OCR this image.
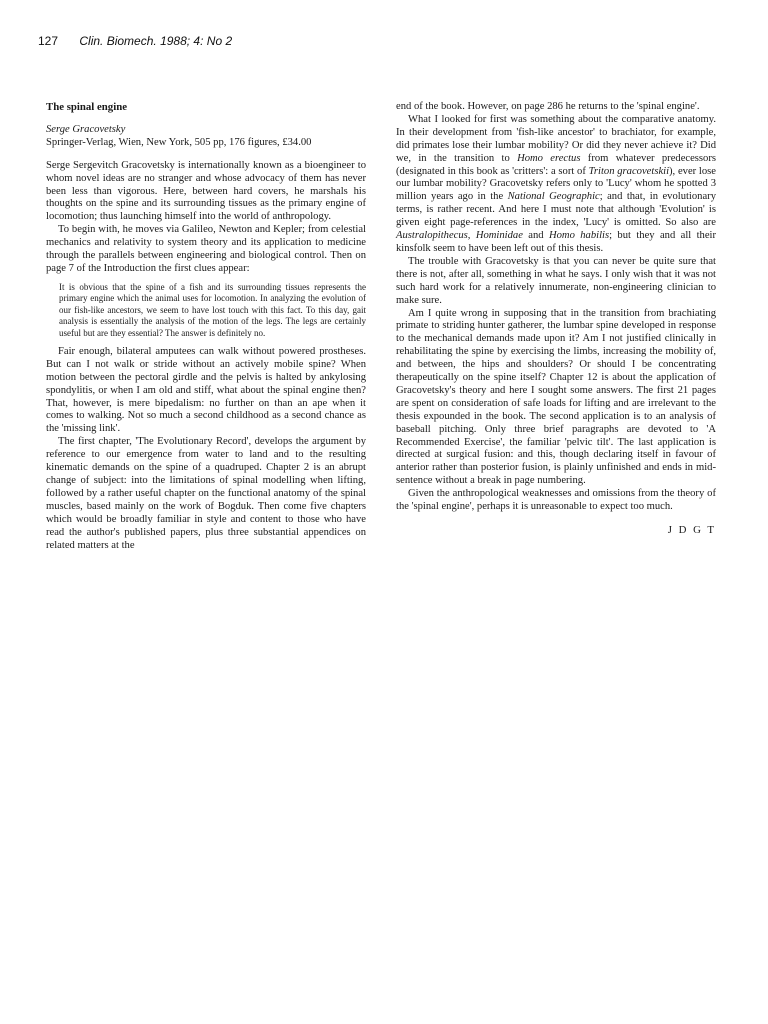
127 Clin. Biomech. 1988; 4: No 2
The spinal engine
Serge Gracovetsky
Springer-Verlag, Wien, New York, 505 pp, 176 figures, £34.00

Serge Sergevitch Gracovetsky is internationally known as a bioengineer to whom novel ideas are no stranger and whose advocacy of them has never been less than vigorous. Here, between hard covers, he marshals his thoughts on the spine and its surrounding tissues as the primary engine of locomotion; thus launching himself into the world of anthropology.

To begin with, he moves via Galileo, Newton and Kepler; from celestial mechanics and relativity to system theory and its application to medicine through the parallels between engineering and biological control. Then on page 7 of the Introduction the first clues appear:

It is obvious that the spine of a fish and its surrounding tissues represents the primary engine which the animal uses for locomotion. In analyzing the evolution of our fish-like ancestors, we seem to have lost touch with this fact. To this day, gait analysis is essentially the analysis of the motion of the legs. The legs are certainly useful but are they essential? The answer is definitely no.

Fair enough, bilateral amputees can walk without powered prostheses. But can I not walk or stride without an actively mobile spine? When motion between the pectoral girdle and the pelvis is halted by ankylosing spondylitis, or when I am old and stiff, what about the spinal engine then? That, however, is mere bipedalism: no further on than an ape when it comes to walking. Not so much a second childhood as a second chance as the 'missing link'.

The first chapter, 'The Evolutionary Record', develops the argument by reference to our emergence from water to land and to the resulting kinematic demands on the spine of a quadruped. Chapter 2 is an abrupt change of subject: into the limitations of spinal modelling when lifting, followed by a rather useful chapter on the functional anatomy of the spinal muscles, based mainly on the work of Bogduk. Then come five chapters which would be broadly familiar in style and content to those who have read the author's published papers, plus three substantial appendices on related matters at the

end of the book. However, on page 286 he returns to the 'spinal engine'.

What I looked for first was something about the comparative anatomy. In their development from 'fish-like ancestor' to brachiator, for example, did primates lose their lumbar mobility? Or did they never achieve it? Did we, in the transition to Homo erectus from whatever predecessors (designated in this book as 'critters': a sort of Triton gracovetskii), ever lose our lumbar mobility? Gracovetsky refers only to 'Lucy' whom he spotted 3 million years ago in the National Geographic; and that, in evolutionary terms, is rather recent. And here I must note that although 'Evolution' is given eight page-references in the index, 'Lucy' is omitted. So also are Australopithecus, Hominidae and Homo habilis; but they and all their kinsfolk seem to have been left out of this thesis.

The trouble with Gracovetsky is that you can never be quite sure that there is not, after all, something in what he says. I only wish that it was not such hard work for a relatively innumerate, non-engineering clinician to make sure.

Am I quite wrong in supposing that in the transition from brachiating primate to striding hunter gatherer, the lumbar spine developed in response to the mechanical demands made upon it? Am I not justified clinically in rehabilitating the spine by exercising the limbs, increasing the mobility of, and between, the hips and shoulders? Or should I be concentrating therapeutically on the spine itself? Chapter 12 is about the application of Gracovetsky's theory and here I sought some answers. The first 21 pages are spent on consideration of safe loads for lifting and are irrelevant to the thesis expounded in the book. The second application is to an analysis of baseball pitching. Only three brief paragraphs are devoted to 'A Recommended Exercise', the familiar 'pelvic tilt'. The last application is directed at surgical fusion: and this, though declaring itself in favour of anterior rather than posterior fusion, is plainly unfinished and ends in mid-sentence without a break in page numbering.

Given the anthropological weaknesses and omissions from the theory of the 'spinal engine', perhaps it is unreasonable to expect too much.

J D G T
